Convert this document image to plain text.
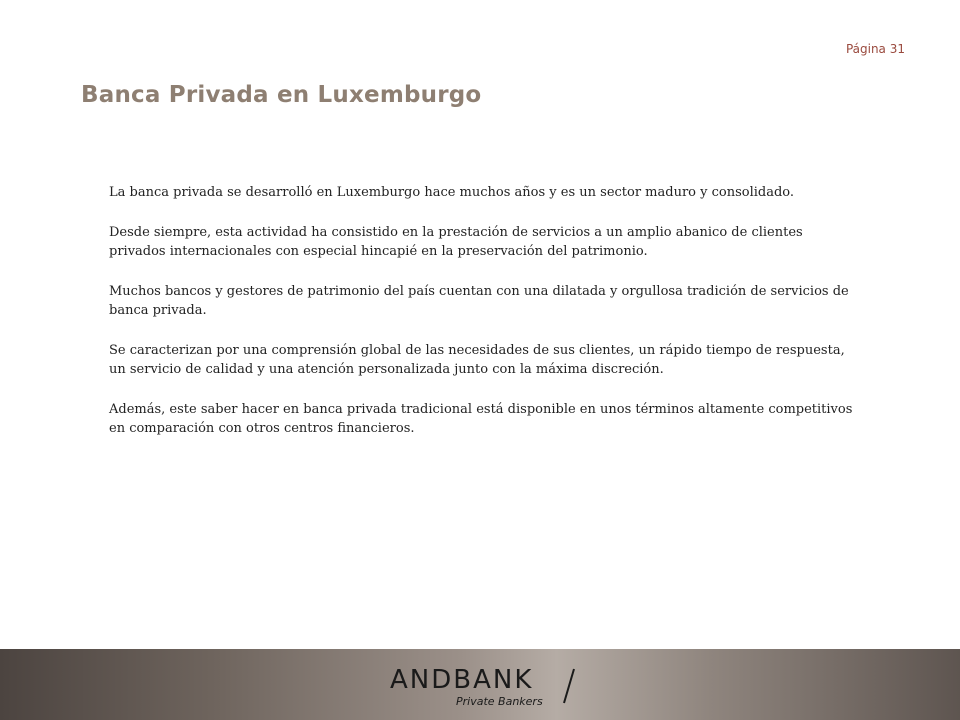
Página 31
Banca Privada en Luxemburgo

La banca privada se desarrolló en Luxemburgo hace muchos años y es un sector maduro y consolidado.

Desde siempre, esta actividad ha consistido en la prestación de servicios a un amplio abanico de clientes privados internacionales con especial hincapié en la preservación del patrimonio.

Muchos bancos y gestores de patrimonio del país cuentan con una dilatada y orgullosa tradición de servicios de banca privada.

Se caracterizan por una comprensión global de las necesidades de sus clientes, un rápido tiempo de respuesta, un servicio de calidad y una atención personalizada junto con la máxima discreción.

Además, este saber hacer en banca privada tradicional está disponible en unos términos altamente competitivos en comparación con otros centros financieros.

ANDBANK
Private Bankers
